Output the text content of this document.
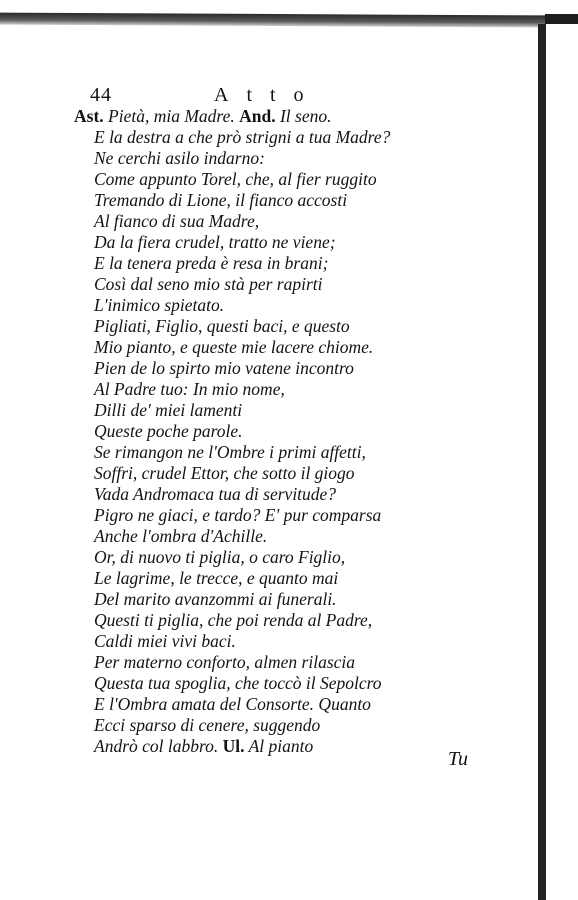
44	Atto
Ast. Pietà, mia Madre. And. Il seno.
E la destra a che prò strigni a tua Madre?
Ne cerchi asilo indarno:
Come appunto Torel, che, al fier ruggito
Tremando di Lione, il fianco accosti
Al fianco di sua Madre,
Da la fiera crudel, tratto ne viene;
E la tenera preda è resa in brani;
Così dal seno mio stà per rapirti
L'inimico spietato.
Pigliati, Figlio, questi baci, e questo
Mio pianto, e queste mie lacere chiome.
Pien de lo spirto mio vatene incontro
Al Padre tuo: In mio nome,
Dilli de' miei lamenti
Queste poche parole.
Se rimangon ne l'Ombre i primi affetti,
Soffri, crudel Ettor, che sotto il giogo
Vada Andromaca tua di servitude?
Pigro ne giaci, e tardo? E' pur comparsa
Anche l'ombra d'Achille.
Or, di nuovo ti piglia, o caro Figlio,
Le lagrime, le trecce, e quanto mai
Del marito avanzommi ai funerali.
Questi ti piglia, che poi renda al Padre,
Caldi miei vivi baci.
Per materno conforto, almen rilascia
Questa tua spoglia, che toccò il Sepolcro
E l'Ombra amata del Consorte. Quanto
Ecci sparso di cenere, suggendo
Andrò col labbro. Ul. Al pianto
Tu
